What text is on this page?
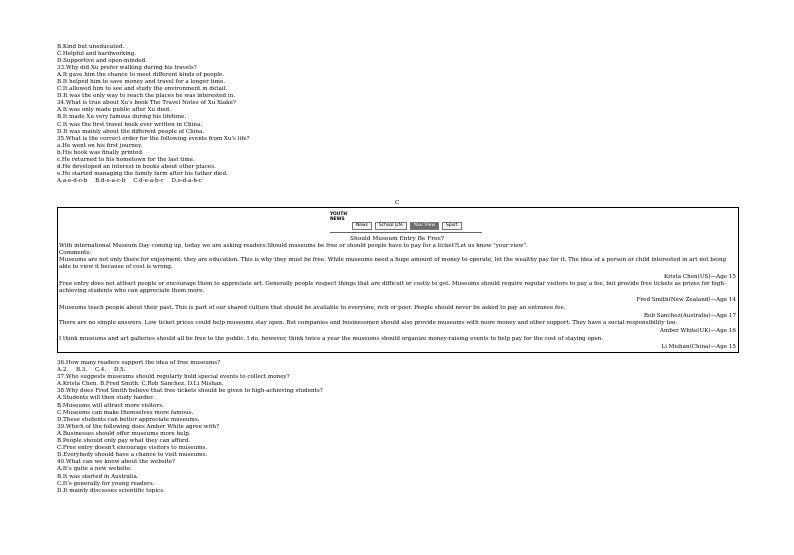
B.Kind but uneducated.
C.Helpful and hardworking.
D.Supportive and open-minded.
33.Why did Xu prefer walking during his travels?
A.It gave him the chance to meet different kinds of people.
B.It helped him to save money and travel for a longer time.
C.It allowed him to see and study the environment in detail.
D.It was the only way to reach the places he was interested in.
34.What is true about Xu's book The Travel Notes of Xu Xiake?
A.It was only made public after Xu died.
B.It made Xu very famous during his lifetime.
C.It was the first travel book ever written in China.
D.It was mainly about the different people of China.
35.What is the correct order for the following events from Xu's life?
a.He went on his first journey.
b.His book was finally printed.
c.He returned to his hometown for the last time.
d.He developed an interest in books about other places.
e.He started managing the family farm after his father died.
A.a-e-d-c-b B.d-e-a-c-b C.d-e-a-b-c D.e-d-a-b-c
C
YOUTH
NEWS
News	School Life	Your View	Sport
Should Museum Entry Be Free?
With international Museum Day coming up, today we are asking readers:Should museums be free or should people have to pay for a ticket?Let us know "your view".
Comments:
Museums are not only there for enjoyment; they are education. This is why they must be free. While museums need a huge amount of money to operate, let the wealthy pay for it. The idea of a person or child interested in art not being able to view it because of cost is wrong.
Krista Chen(US)—Age 15
Free entry does not attract people or encourage them to appreciate art. Generally people respect things that are difficult or costly to get. Museums should require regular visitors to pay a fee, but provide free tickets as prizes for high-achieving students who can appreciate them more.
Fred Smith(New Zealand)—Age 14
Museums teach people about their past. This is part of our shared culture that should be available to everyone, rich or poor. People should never be asked to pay an entrance fee.
Rob Sanchez(Australia)—Age 17
There are no simple answers. Low ticket prices could help museums stay open. But companies and businessmen should also provide museums with more money and other support. They have a social responsibility too.
Amber White(UK)—Age 16
I think museums and art galleries should all be free to the public. I do, however, think twice a year the museums should organize money-raising events to help pay for the cost of staying open.
Li Mishan(China)—Age 15
36.How many readers support the idea of free museums?
A.2. B.3. C.4. D.5.
37.Who suggests museums should regularly hold special events to collect money?
A.Krista Chen. B.Fred Smith. C.Rob Sanchez. D.Li Mishan.
38.Why does Fred Smith believe that free tickets should be given to high-achieving students?
A.Students will then study harder.
B.Museums will attract more visitors.
C.Museums can make themselves more famous.
D.These students can better appreciate museums.
39.Which of the following does Amber White agree with?
A.Businesses should offer museums more help.
B.People should only pay what they can afford.
C.Free entry doesn't encourage visitors to museums.
D.Everybody should have a chance to visit museums.
40.What can we know about the website?
A.It's quite a new website.
B.It was started in Australia.
C.It's generally for young readers.
D.It mainly discusses scientific topics.
